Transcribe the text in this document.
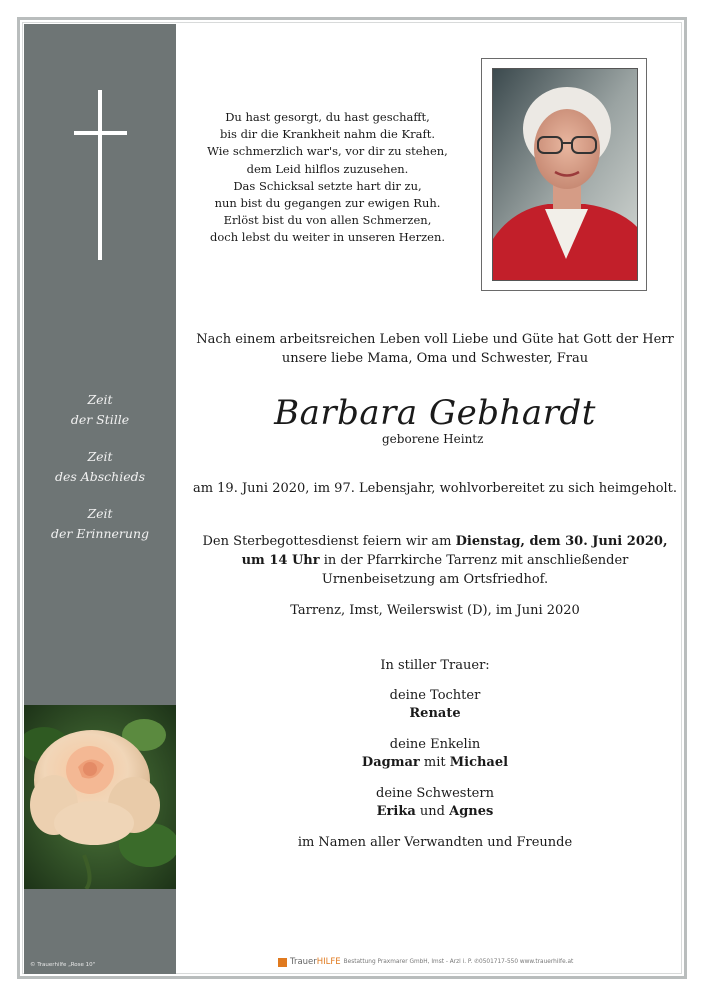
Zeit
der Stille
Zeit
des Abschieds
Zeit
der Erinnerung
© Trauerhilfe „Rose 10"
Du hast gesorgt, du hast geschafft,
bis dir die Krankheit nahm die Kraft.
Wie schmerzlich war's, vor dir zu stehen,
dem Leid hilflos zuzusehen.
Das Schicksal setzte hart dir zu,
nun bist du gegangen zur ewigen Ruh.
Erlöst bist du von allen Schmerzen,
doch lebst du weiter in unseren Herzen.
Nach einem arbeitsreichen Leben voll Liebe und Güte hat Gott der Herr
unsere liebe Mama, Oma und Schwester, Frau
Barbara Gebhardt
geborene Heintz
am 19. Juni 2020, im 97. Lebensjahr, wohlvorbereitet zu sich heimgeholt.
Den Sterbegottesdienst feiern wir am Dienstag, dem 30. Juni 2020,
um 14 Uhr in der Pfarrkirche Tarrenz mit anschließender
Urnenbeisetzung am Ortsfriedhof.
Tarrenz, Imst, Weilerswist (D), im Juni 2020
In stiller Trauer:
deine Tochter
Renate
deine Enkelin
Dagmar mit Michael
deine Schwestern
Erika und Agnes
im Namen aller Verwandten und Freunde
TrauerHILFE Bestattung Praxmarer GmbH, Imst - Arzl i. P. ✆0501717-550 www.trauerhilfe.at
